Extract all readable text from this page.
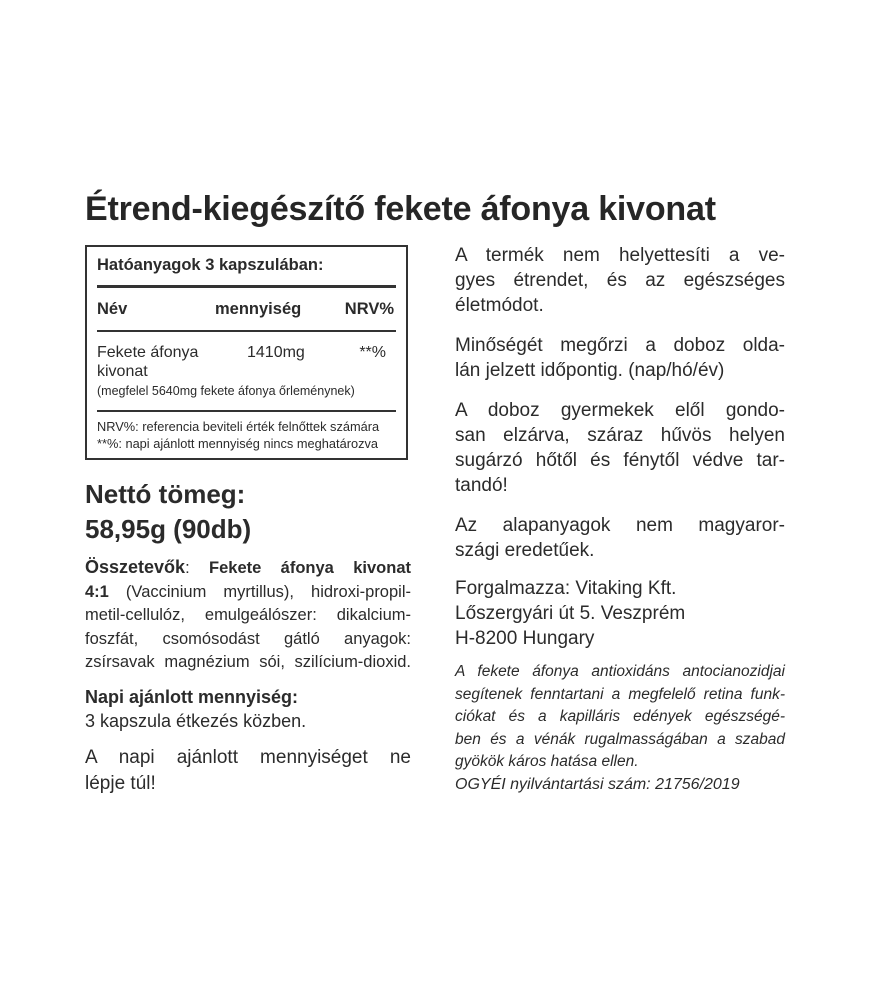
Étrend-kiegészítő fekete áfonya kivonat
Hatóanyagok 3 kapszulában:
Név	mennyiség	NRV%
Fekete áfonya
kivonat
1410mg	**%
(megfelel 5640mg fekete áfonya őrleménynek)
NRV%: referencia beviteli érték felnőttek számára
**%: napi ajánlott mennyiség nincs meghatározva
Nettó tömeg:
58,95g (90db)
Összetevők: Fekete áfonya kivonat
4:1 (Vaccinium myrtillus), hidroxi-propil-
metil-cellulóz, emulgeálószer: dikalcium-
foszfát, csomósodást gátló anyagok:
zsírsavak magnézium sói, szilícium-dioxid.
Napi ajánlott mennyiség:
3 kapszula étkezés közben.
A napi ajánlott mennyiséget ne
lépje túl!
A termék nem helyettesíti a ve-
gyes étrendet, és az egészséges
életmódot.
Minőségét megőrzi a doboz olda-
lán jelzett időpontig. (nap/hó/év)
A doboz gyermekek elől gondo-
san elzárva, száraz hűvös helyen
sugárzó hőtől és fénytől védve tar-
tandó!
Az alapanyagok nem magyaror-
szági eredetűek.
Forgalmazza: Vitaking Kft.
Lőszergyári út 5. Veszprém
H-8200 Hungary
A fekete áfonya antioxidáns antocianozidjai
segítenek fenntartani a megfelelő retina funk-
ciókat és a kapilláris edények egészségé-
ben és a vénák rugalmasságában a szabad
gyökök káros hatása ellen.
OGYÉI nyilvántartási szám: 21756/2019
